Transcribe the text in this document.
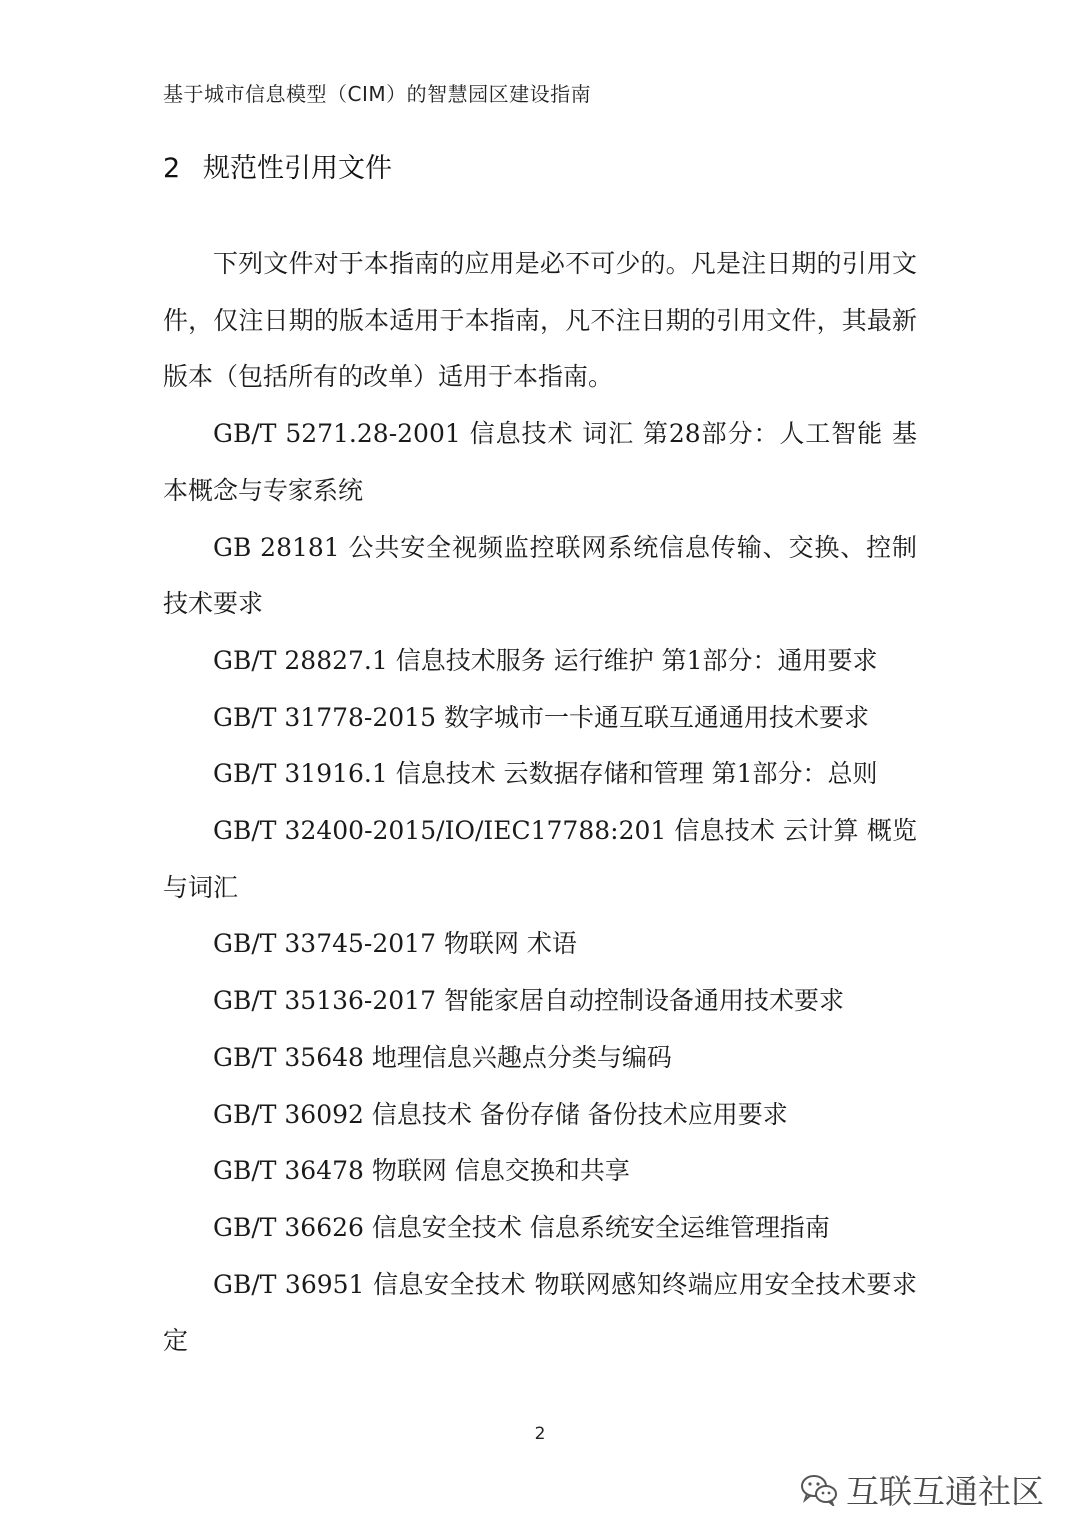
基于城市信息模型（CIM）的智慧园区建设指南
2 规范性引用文件

下列文件对于本指南的应用是必不可少的。凡是注日期的引用文件，仅注日期的版本适用于本指南，凡不注日期的引用文件，其最新版本（包括所有的改单）适用于本指南。

GB/T 5271.28-2001 信息技术 词汇 第28部分：人工智能 基本概念与专家系统

GB 28181 公共安全视频监控联网系统信息传输、交换、控制技术要求

GB/T 28827.1 信息技术服务 运行维护 第1部分：通用要求

GB/T 31778-2015 数字城市一卡通互联互通通用技术要求

GB/T 31916.1 信息技术 云数据存储和管理 第1部分：总则

GB/T 32400-2015/IO/IEC17788:201 信息技术 云计算 概览与词汇

GB/T 33745-2017 物联网 术语

GB/T 35136-2017 智能家居自动控制设备通用技术要求

GB/T 35648 地理信息兴趣点分类与编码

GB/T 36092 信息技术 备份存储 备份技术应用要求

GB/T 36478 物联网 信息交换和共享

GB/T 36626 信息安全技术 信息系统安全运维管理指南

GB/T 36951 信息安全技术 物联网感知终端应用安全技术要求定

2
互联互通社区
